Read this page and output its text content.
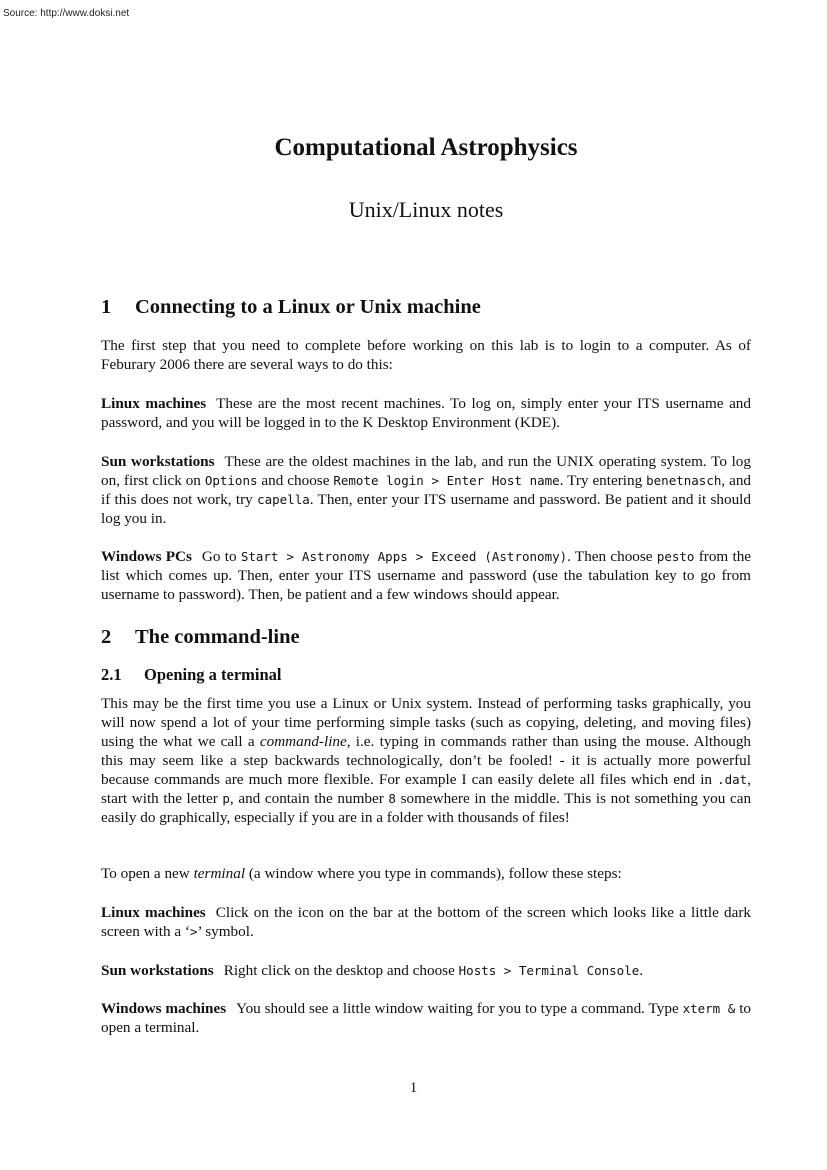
Source: http://www.doksi.net
Computational Astrophysics
Unix/Linux notes
1 Connecting to a Linux or Unix machine

The first step that you need to complete before working on this lab is to login to a computer. As of Feburary 2006 there are several ways to do this:

Linux machines These are the most recent machines. To log on, simply enter your ITS username and password, and you will be logged in to the K Desktop Environment (KDE).

Sun workstations These are the oldest machines in the lab, and run the UNIX operating system. To log on, first click on Options and choose Remote login > Enter Host name. Try entering benetnasch, and if this does not work, try capella. Then, enter your ITS username and password. Be patient and it should log you in.

Windows PCs Go to Start > Astronomy Apps > Exceed (Astronomy). Then choose pesto from the list which comes up. Then, enter your ITS username and password (use the tabulation key to go from username to password). Then, be patient and a few windows should appear.

2 The command-line
2.1 Opening a terminal

This may be the first time you use a Linux or Unix system. Instead of performing tasks graphically, you will now spend a lot of your time performing simple tasks (such as copying, deleting, and moving files) using the what we call a command-line, i.e. typing in commands rather than using the mouse. Although this may seem like a step backwards technologically, don’t be fooled! - it is actually more powerful because commands are much more flexible. For example I can easily delete all files which end in .dat, start with the letter p, and contain the number 8 somewhere in the middle. This is not something you can easily do graphically, especially if you are in a folder with thousands of files!

To open a new terminal (a window where you type in commands), follow these steps:

Linux machines Click on the icon on the bar at the bottom of the screen which looks like a little dark screen with a ‘>’ symbol.

Sun workstations Right click on the desktop and choose Hosts > Terminal Console.

Windows machines You should see a little window waiting for you to type a command. Type xterm & to open a terminal.

1
